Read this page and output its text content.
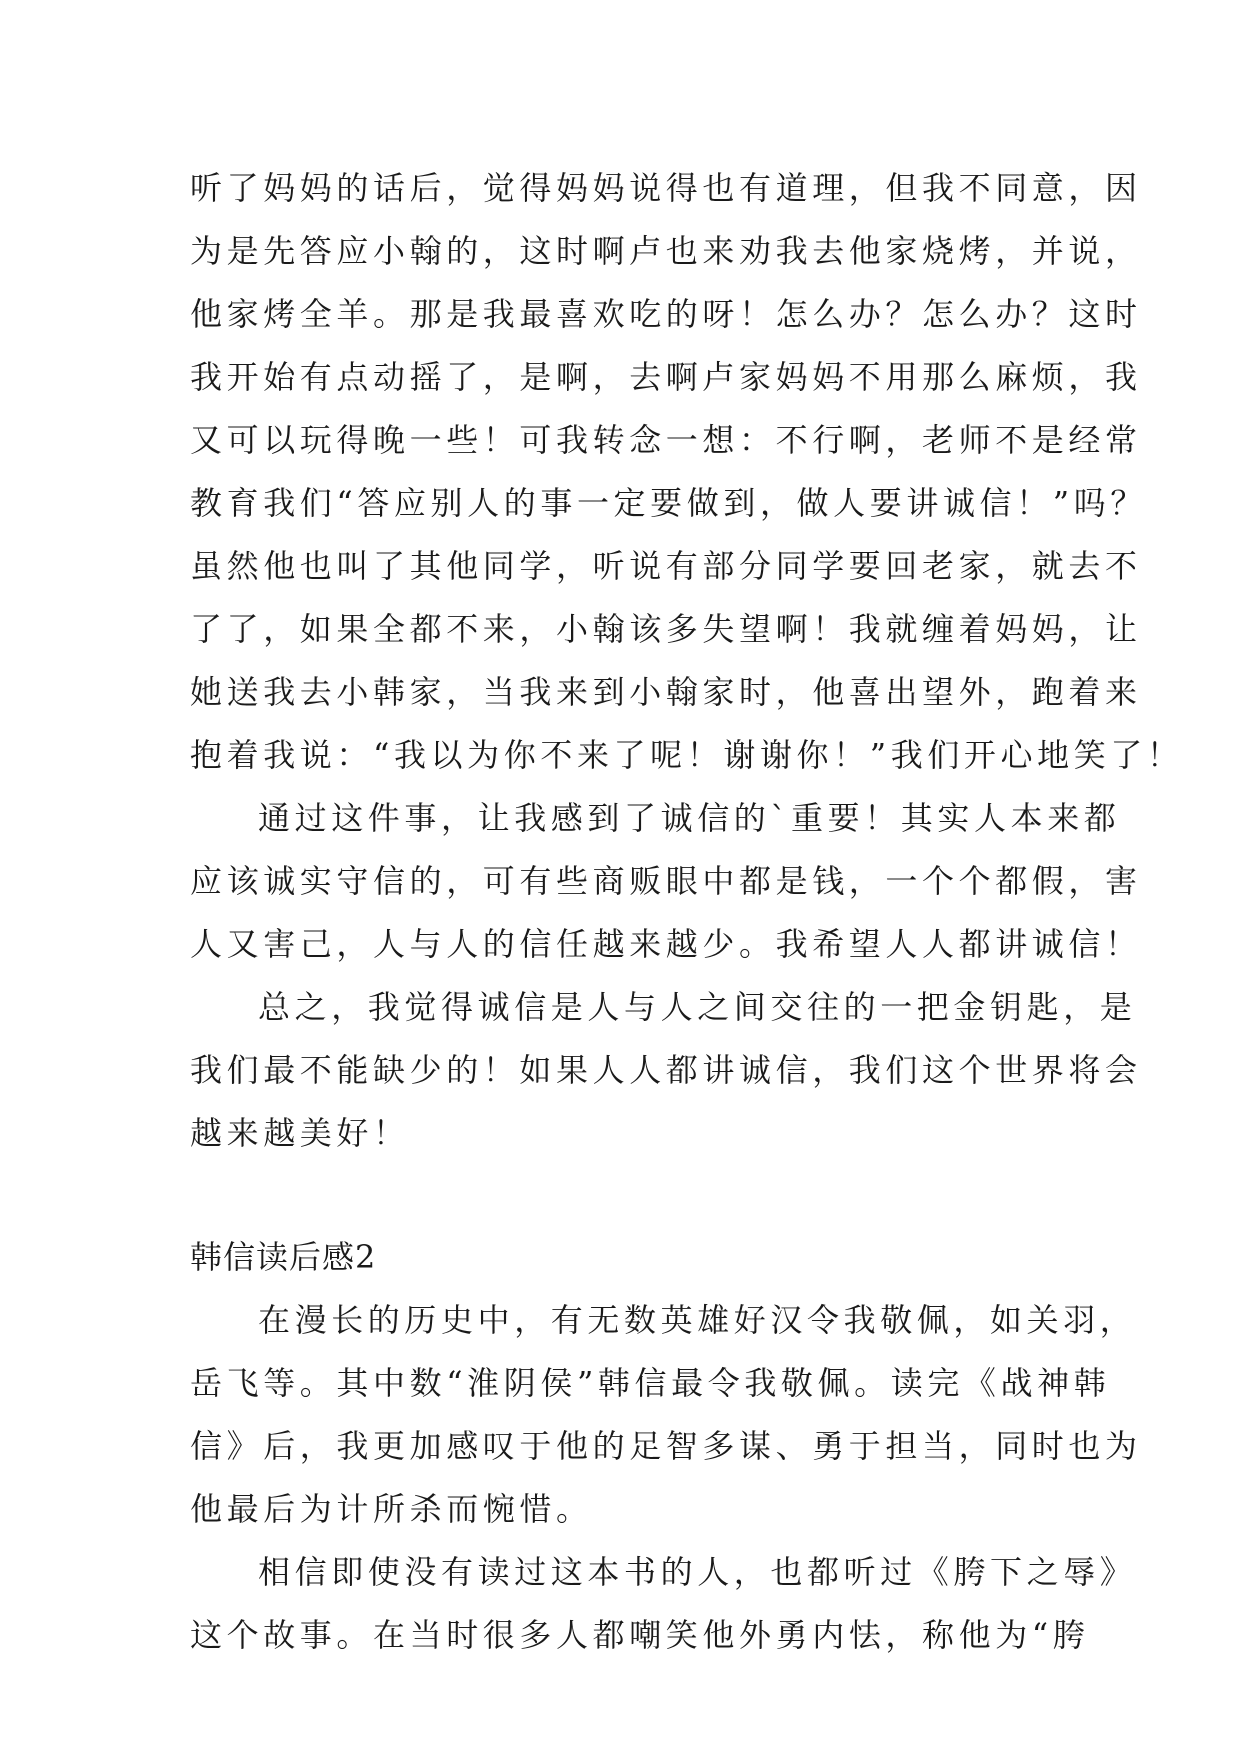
听了妈妈的话后，觉得妈妈说得也有道理，但我不同意，因
为是先答应小翰的，这时啊卢也来劝我去他家烧烤，并说，
他家烤全羊。那是我最喜欢吃的呀！怎么办？怎么办？这时
我开始有点动摇了，是啊，去啊卢家妈妈不用那么麻烦，我
又可以玩得晚一些！可我转念一想：不行啊，老师不是经常
教育我们“答应别人的事一定要做到，做人要讲诚信！”吗？
虽然他也叫了其他同学，听说有部分同学要回老家，就去不
了了，如果全都不来，小翰该多失望啊！我就缠着妈妈，让
她送我去小韩家，当我来到小翰家时，他喜出望外，跑着来
抱着我说：“我以为你不来了呢！谢谢你！”我们开心地笑了！
通过这件事，让我感到了诚信的`重要！其实人本来都
应该诚实守信的，可有些商贩眼中都是钱，一个个都假，害
人又害己，人与人的信任越来越少。我希望人人都讲诚信！
总之，我觉得诚信是人与人之间交往的一把金钥匙，是
我们最不能缺少的！如果人人都讲诚信，我们这个世界将会
越来越美好！
韩信读后感2
在漫长的历史中，有无数英雄好汉令我敬佩，如关羽，
岳飞等。其中数“淮阴侯”韩信最令我敬佩。读完《战神韩
信》后，我更加感叹于他的足智多谋、勇于担当，同时也为
他最后为计所杀而惋惜。
相信即使没有读过这本书的人，也都听过《胯下之辱》
这个故事。在当时很多人都嘲笑他外勇内怯，称他为“胯
